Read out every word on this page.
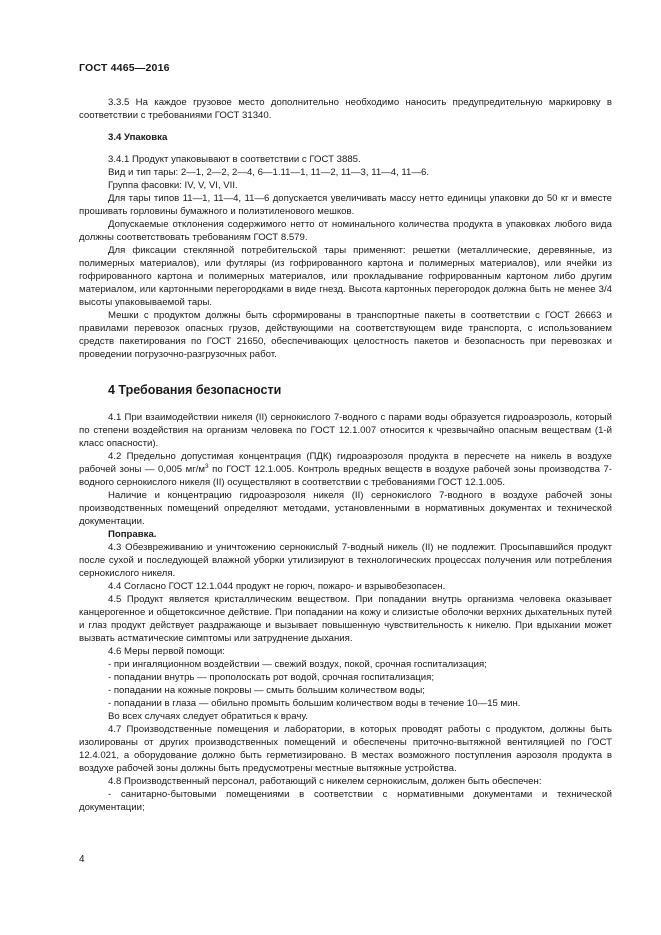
ГОСТ 4465—2016

3.3.5 На каждое грузовое место дополнительно необходимо наносить предупредительную маркировку в соответствии с требованиями ГОСТ 31340.

3.4 Упаковка

3.4.1 Продукт упаковывают в соответствии с ГОСТ 3885.

Вид и тип тары: 2—1, 2—2, 2—4, 6—1.11—1, 11—2, 11—3, 11—4, 11—6.

Группа фасовки: IV, V, VI, VII.

Для тары типов 11—1, 11—4, 11—6 допускается увеличивать массу нетто единицы упаковки до 50 кг и вместе прошивать горловины бумажного и полиэтиленового мешков.

Допускаемые отклонения содержимого нетто от номинального количества продукта в упаковках любого вида должны соответствовать требованиям ГОСТ 8.579.

Для фиксации стеклянной потребительской тары применяют: решетки (металлические, деревянные, из полимерных материалов), или футляры (из гофрированного картона и полимерных материалов), или ячейки из гофрированного картона и полимерных материалов, или прокладывание гофрированным картоном либо другим материалом, или картонными перегородками в виде гнезд. Высота картонных перегородок должна быть не менее 3/4 высоты упаковываемой тары.

Мешки с продуктом должны быть сформированы в транспортные пакеты в соответствии с ГОСТ 26663 и правилами перевозок опасных грузов, действующими на соответствующем виде транспорта, с использованием средств пакетирования по ГОСТ 21650, обеспечивающих целостность пакетов и безопасность при перевозках и проведении погрузочно-разгрузочных работ.

4 Требования безопасности

4.1 При взаимодействии никеля (II) сернокислого 7-водного с парами воды образуется гидроаэрозоль, который по степени воздействия на организм человека по ГОСТ 12.1.007 относится к чрезвычайно опасным веществам (1-й класс опасности).

4.2 Предельно допустимая концентрация (ПДК) гидроаэрозоля продукта в пересчете на никель в воздухе рабочей зоны — 0,005 $мг/м^3$ по ГОСТ 12.1.005. Контроль вредных веществ в воздухе рабочей зоны производства 7-водного сернокислого никеля (II) осуществляют в соответствии с требованиями ГОСТ 12.1.005.

Наличие и концентрацию гидроаэрозоля никеля (II) сернокислого 7-водного в воздухе рабочей зоны производственных помещений определяют методами, установленными в нормативных документах и технической документации.

Поправка.

4.3 Обезвреживанию и уничтожению сернокислый 7-водный никель (II) не подлежит. Просыпавшийся продукт после сухой и последующей влажной уборки утилизируют в технологических процессах получения или потребления сернокислого никеля.

4.4 Согласно ГОСТ 12.1.044 продукт не горюч, пожаро- и взрывобезопасен.

4.5 Продукт является кристаллическим веществом. При попадании внутрь организма человека оказывает канцерогенное и общетоксичное действие. При попадании на кожу и слизистые оболочки верхних дыхательных путей и глаз продукт действует раздражающе и вызывает повышенную чувствительность к никелю. При вдыхании может вызвать астматические симптомы или затруднение дыхания.

4.6 Меры первой помощи:

- при ингаляционном воздействии — свежий воздух, покой, срочная госпитализация;

- попадании внутрь — прополоскать рот водой, срочная госпитализация;

- попадании на кожные покровы — смыть большим количеством воды;

- попадании в глаза — обильно промыть большим количеством воды в течение 10—15 мин.

Во всех случаях следует обратиться к врачу.

4.7 Производственные помещения и лаборатории, в которых проводят работы с продуктом, должны быть изолированы от других производственных помещений и обеспечены приточно-вытяжной вентиляцией по ГОСТ 12.4.021, а оборудование должно быть герметизировано. В местах возможного поступления аэрозоля продукта в воздухе рабочей зоны должны быть предусмотрены местные вытяжные устройства.

4.8 Производственный персонал, работающий с никелем сернокислым, должен быть обеспечен:

- санитарно-бытовыми помещениями в соответствии с нормативными документами и технической документации;

4
